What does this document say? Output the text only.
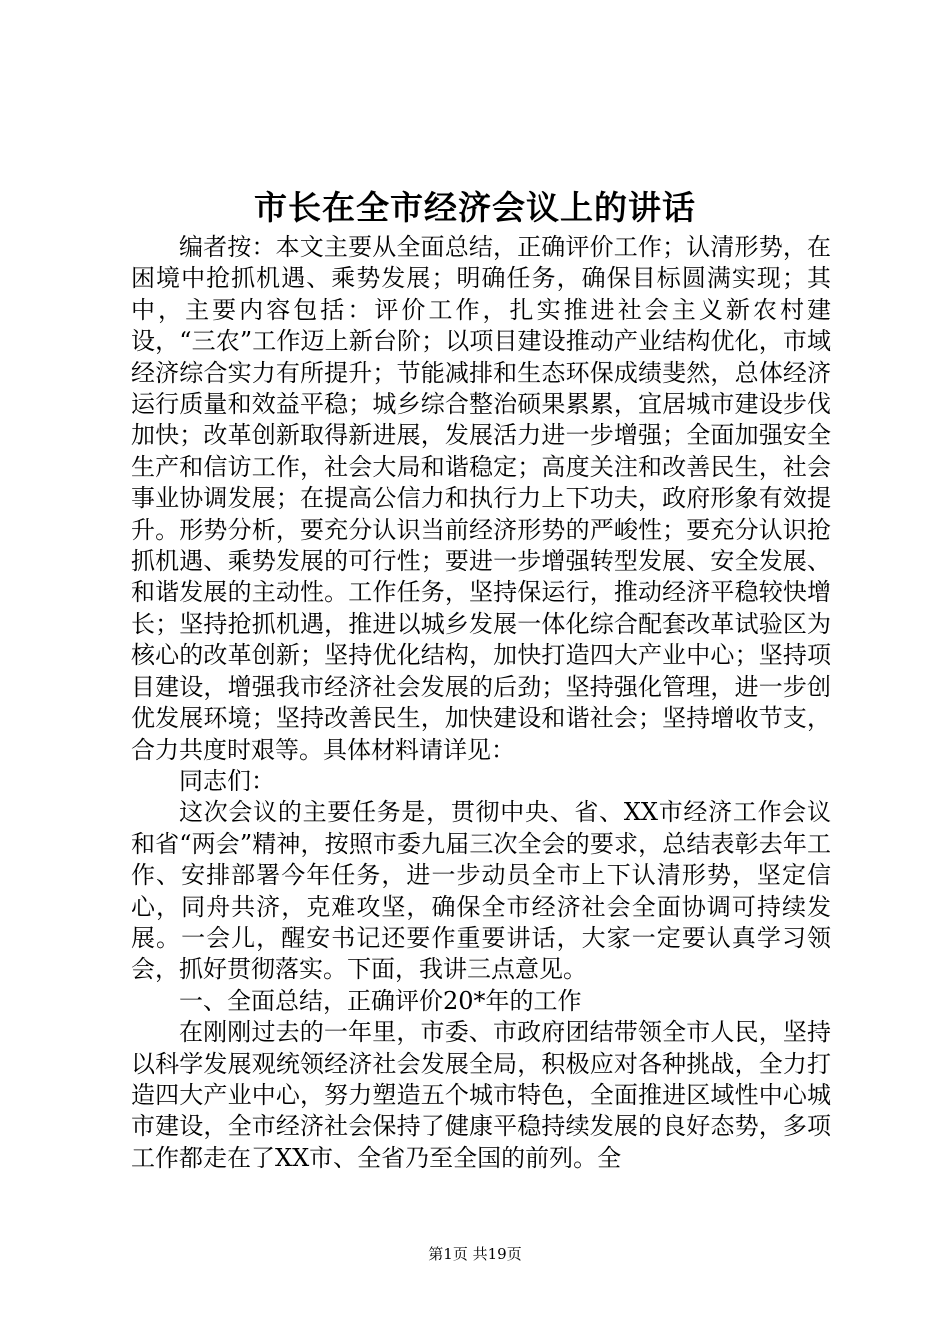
市长在全市经济会议上的讲话

编者按：本文主要从全面总结，正确评价工作；认清形势，在困境中抢抓机遇、乘势发展；明确任务，确保目标圆满实现；其中，主要内容包括：评价工作，扎实推进社会主义新农村建设，“三农”工作迈上新台阶；以项目建设推动产业结构优化，市域经济综合实力有所提升；节能减排和生态环保成绩斐然，总体经济运行质量和效益平稳；城乡综合整治硕果累累，宜居城市建设步伐加快；改革创新取得新进展，发展活力进一步增强；全面加强安全生产和信访工作，社会大局和谐稳定；高度关注和改善民生，社会事业协调发展；在提高公信力和执行力上下功夫，政府形象有效提升。形势分析，要充分认识当前经济形势的严峻性；要充分认识抢抓机遇、乘势发展的可行性；要进一步增强转型发展、安全发展、和谐发展的主动性。工作任务，坚持保运行，推动经济平稳较快增长；坚持抢抓机遇，推进以城乡发展一体化综合配套改革试验区为核心的改革创新；坚持优化结构，加快打造四大产业中心；坚持项目建设，增强我市经济社会发展的后劲；坚持强化管理，进一步创优发展环境；坚持改善民生，加快建设和谐社会；坚持增收节支，合力共度时艰等。具体材料请详见：

同志们：

这次会议的主要任务是，贯彻中央、省、XX市经济工作会议和省“两会”精神，按照市委九届三次全会的要求，总结表彰去年工作、安排部署今年任务，进一步动员全市上下认清形势，坚定信心，同舟共济，克难攻坚，确保全市经济社会全面协调可持续发展。一会儿，醒安书记还要作重要讲话，大家一定要认真学习领会，抓好贯彻落实。下面，我讲三点意见。

一、全面总结，正确评价20*年的工作

在刚刚过去的一年里，市委、市政府团结带领全市人民，坚持以科学发展观统领经济社会发展全局，积极应对各种挑战，全力打造四大产业中心，努力塑造五个城市特色，全面推进区域性中心城市建设，全市经济社会保持了健康平稳持续发展的良好态势，多项工作都走在了XX市、全省乃至全国的前列。全

第1页 共19页
